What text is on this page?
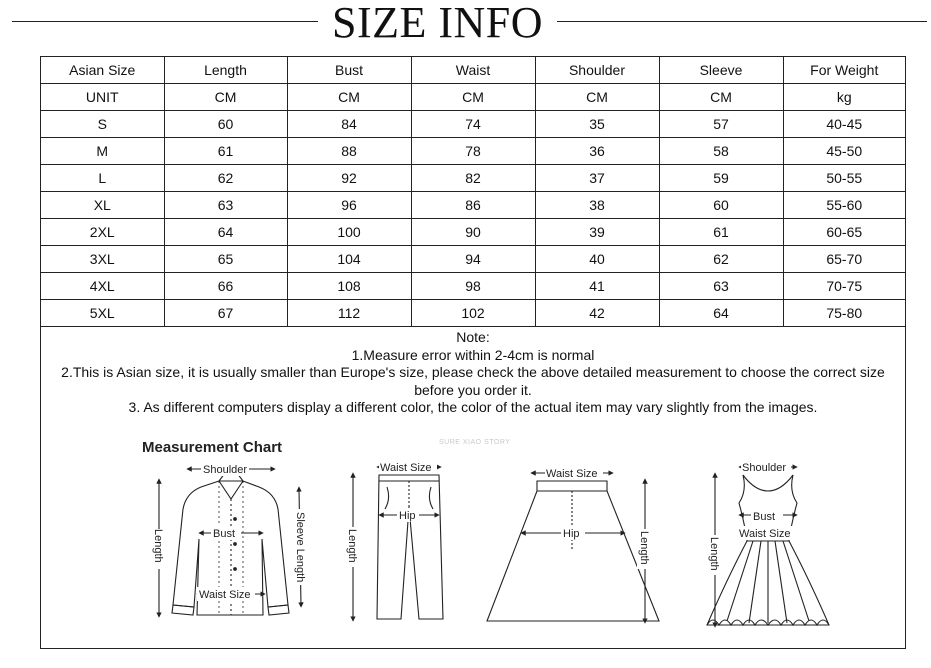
SIZE INFO
Asian Size	Length	Bust	Waist	Shoulder	Sleeve	For Weight
UNIT	CM	CM	CM	CM	CM	kg
S	60	84	74	35	57	40-45
M	61	88	78	36	58	45-50
L	62	92	82	37	59	50-55
XL	63	96	86	38	60	55-60
2XL	64	100	90	39	61	60-65
3XL	65	104	94	40	62	65-70
4XL	66	108	98	41	63	70-75
5XL	67	112	102	42	64	75-80
Note:
1.Measure error within 2-4cm is normal
2.This is Asian size, it is usually smaller than Europe's size, please check the above detailed measurement to choose the correct size
before you order it.
3. As different computers display a different color, the color of the actual item may vary slightly from the images.
Measurement Chart	SURE XIAO STORY
Shoulder
Bust
Waist Size
Length	Sleeve Length
Waist Size
Hip
Length
Waist Size
Hip	Length
Shoulder
Bust
Waist Size
Length
